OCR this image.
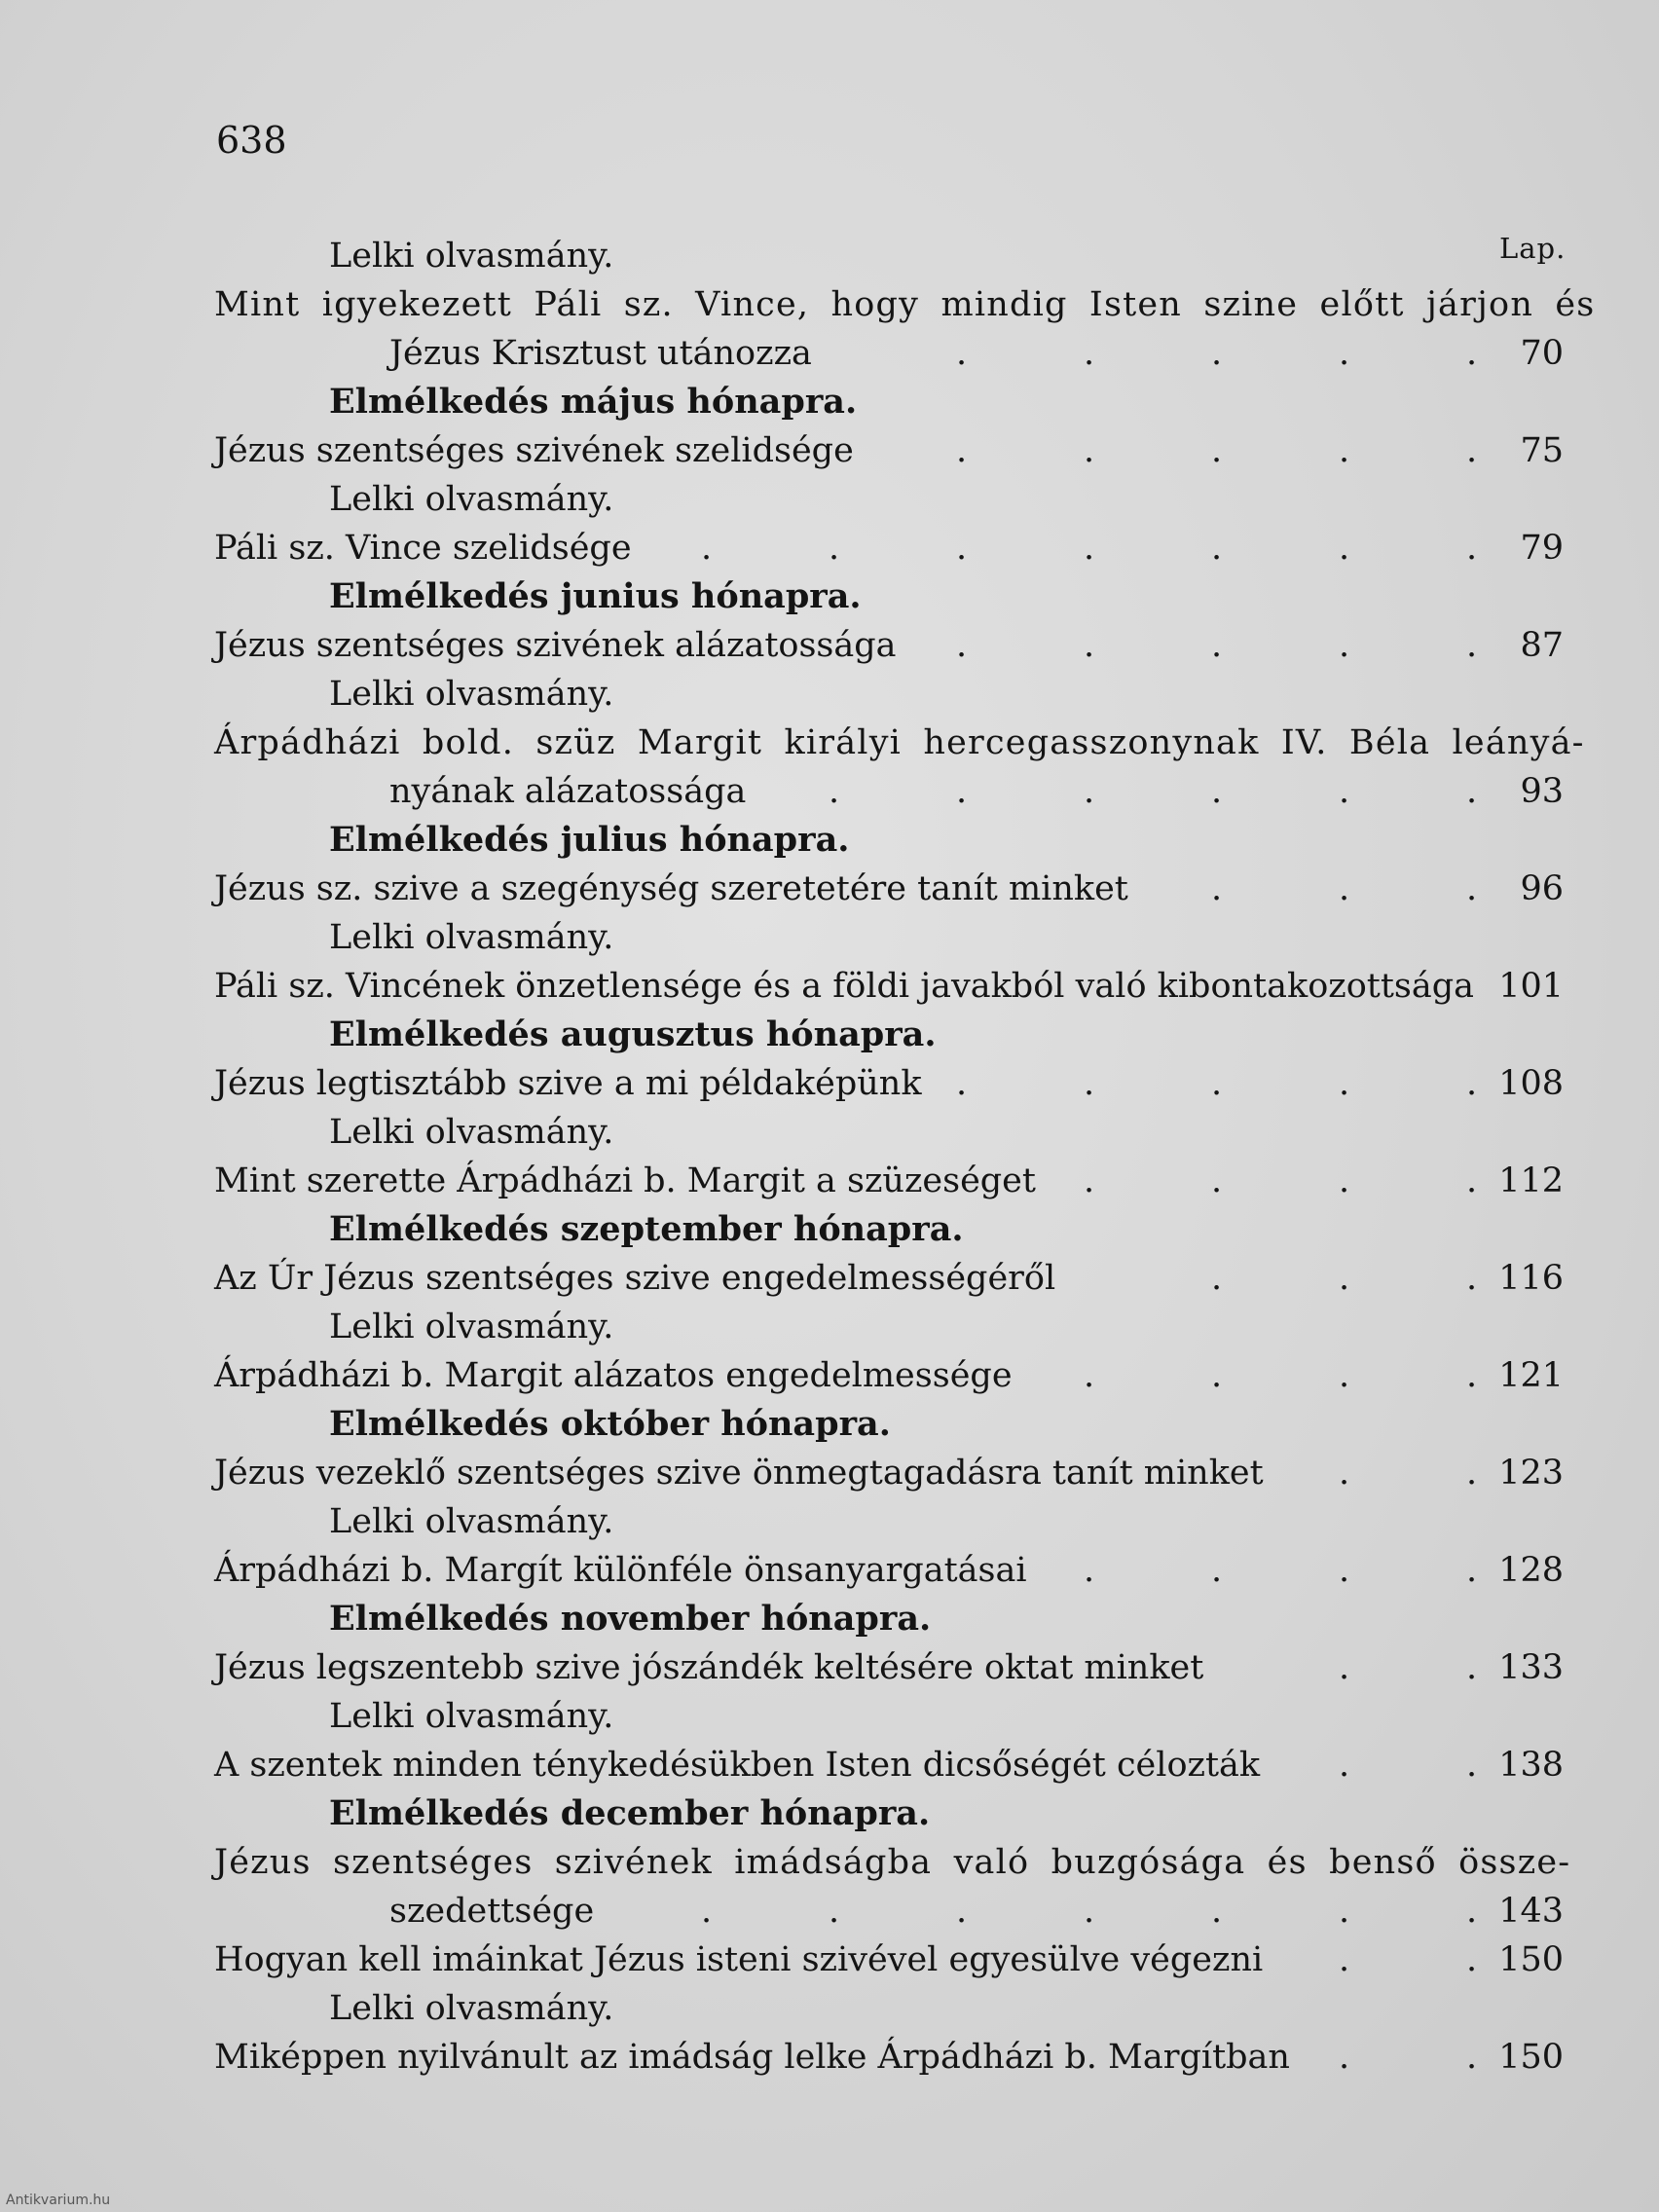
638
Lap.
Lelki olvasmány.
Mint igyekezett Páli sz. Vince, hogy mindig Isten szine előtt járjon és
Jézus Krisztust utánozza	70
.	.	.	.	.
Elmélkedés május hónapra.
Jézus szentséges szivének szelidsége	75
.	.	.	.	.
Lelki olvasmány.
Páli sz. Vince szelidsége	79
.	.	.	.	.	.	.
Elmélkedés junius hónapra.
Jézus szentséges szivének alázatossága	87
.	.	.	.	.
Lelki olvasmány.
Árpádházi bold. szüz Margit királyi hercegasszonynak IV. Béla leányá-
nyának alázatossága	93
.	.	.	.	.	.
Elmélkedés julius hónapra.
Jézus sz. szive a szegénység szeretetére tanít minket	96
.	.	.
Lelki olvasmány.
Páli sz. Vincének önzetlensége és a földi javakból való kibontakozottsága 101
Elmélkedés augusztus hónapra.
Jézus legtisztább szive a mi példaképünk	108
.	.	.	.	.
Lelki olvasmány.
Mint szerette Árpádházi b. Margit a szüzeséget	112
.	.	.	.
Elmélkedés szeptember hónapra.
Az Úr Jézus szentséges szive engedelmességéről	116
.	.	.
Lelki olvasmány.
Árpádházi b. Margit alázatos engedelmessége	121
.	.	.	.
Elmélkedés október hónapra.
Jézus vezeklő szentséges szive önmegtagadásra tanít minket	123
.	.
Lelki olvasmány.
Árpádházi b. Margít különféle önsanyargatásai	128
.	.	.	.
Elmélkedés november hónapra.
Jézus legszentebb szive jószándék keltésére oktat minket	133
.	.
Lelki olvasmány.
A szentek minden ténykedésükben Isten dicsőségét célozták	138
.	.
Elmélkedés december hónapra.
Jézus szentséges szivének imádságba való buzgósága és benső össze-
szedettsége	143
.	.	.	.	.	.	.
Hogyan kell imáinkat Jézus isteni szivével egyesülve végezni	150
.	.
Lelki olvasmány.
Miképpen nyilvánult az imádság lelke Árpádházi b. Margítban	150
.	.
Antikvarium.hu
